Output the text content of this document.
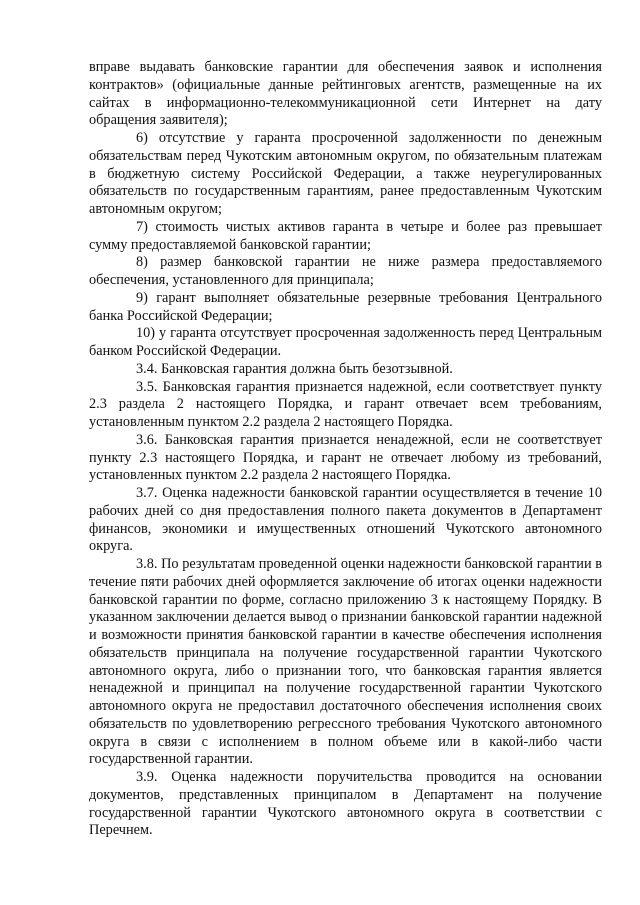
вправе выдавать банковские гарантии для обеспечения заявок и исполнения контрактов» (официальные данные рейтинговых агентств, размещенные на их сайтах в информационно-телекоммуникационной сети Интернет на дату обращения заявителя);

6) отсутствие у гаранта просроченной задолженности по денежным обязательствам перед Чукотским автономным округом, по обязательным платежам в бюджетную систему Российской Федерации, а также неурегулированных обязательств по государственным гарантиям, ранее предоставленным Чукотским автономным округом;

7) стоимость чистых активов гаранта в четыре и более раз превышает сумму предоставляемой банковской гарантии;

8) размер банковской гарантии не ниже размера предоставляемого обеспечения, установленного для принципала;

9) гарант выполняет обязательные резервные требования Центрального банка Российской Федерации;

10) у гаранта отсутствует просроченная задолженность перед Центральным банком Российской Федерации.

3.4. Банковская гарантия должна быть безотзывной.

3.5. Банковская гарантия признается надежной, если соответствует пункту 2.3 раздела 2 настоящего Порядка, и гарант отвечает всем требованиям, установленным пунктом 2.2 раздела 2 настоящего Порядка.

3.6. Банковская гарантия признается ненадежной, если не соответствует пункту 2.3 настоящего Порядка, и гарант не отвечает любому из требований, установленных пунктом 2.2 раздела 2 настоящего Порядка.

3.7. Оценка надежности банковской гарантии осуществляется в течение 10 рабочих дней со дня предоставления полного пакета документов в Департамент финансов, экономики и имущественных отношений Чукотского автономного округа.

3.8. По результатам проведенной оценки надежности банковской гарантии в течение пяти рабочих дней оформляется заключение об итогах оценки надежности банковской гарантии по форме, согласно приложению 3 к настоящему Порядку. В указанном заключении делается вывод о признании банковской гарантии надежной и возможности принятия банковской гарантии в качестве обеспечения исполнения обязательств принципала на получение государственной гарантии Чукотского автономного округа, либо о признании того, что банковская гарантия является ненадежной и принципал на получение государственной гарантии Чукотского автономного округа не предоставил достаточного обеспечения исполнения своих обязательств по удовлетворению регрессного требования Чукотского автономного округа в связи с исполнением в полном объеме или в какой-либо части государственной гарантии.

3.9. Оценка надежности поручительства проводится на основании документов, представленных принципалом в Департамент на получение государственной гарантии Чукотского автономного округа в соответствии с Перечнем.
